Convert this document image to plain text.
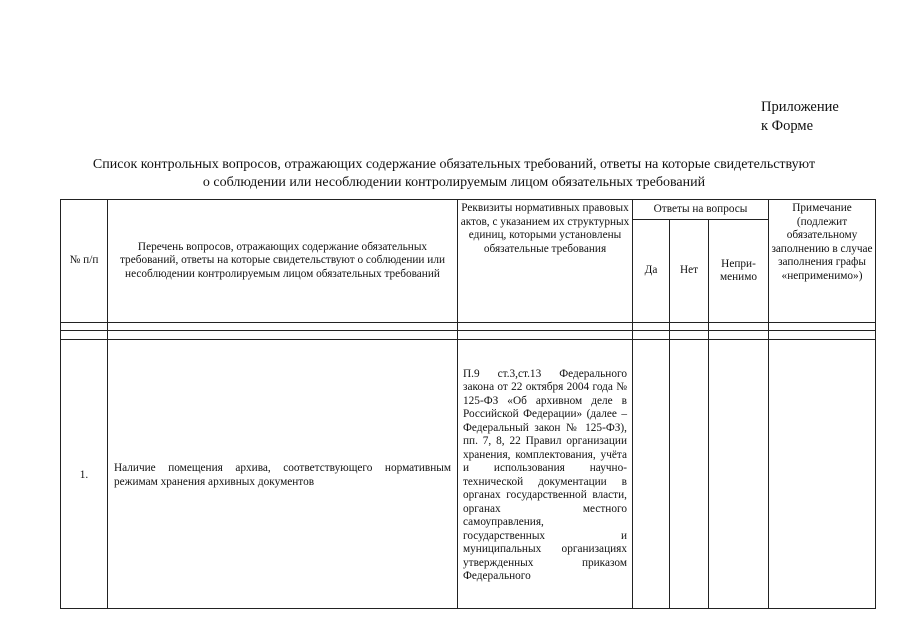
Приложение
к Форме
Список контрольных вопросов, отражающих содержание обязательных требований, ответы на которые свидетельствуют
о соблюдении или несоблюдении контролируемым лицом обязательных требований
№ п/п	Перечень вопросов, отражающих содержание обязательных требований, ответы на которые свидетельствуют о соблюдении или несоблюдении контролируемым лицом обязательных требований	Реквизиты нормативных правовых актов, с указанием их структурных единиц, которыми установлены обязательные требования	Ответы на вопросы			Примечание (подлежит обязательному заполнению в случае заполнения графы «неприменимо»)
			Да	Нет	Непри- менимо	

1.	Наличие помещения архива, соответствующего нормативным режимам хранения архивных документов	П.9 ст.3,ст.13 Федерального закона от 22 октября 2004 года № 125-ФЗ «Об архивном деле в Российской Федерации» (далее – Федеральный закон № 125-ФЗ), пп. 7, 8, 22 Правил организации хранения, комплектования, учёта и использования научно-технической документации в органах государственной власти, органах местного самоуправления, государственных и муниципальных организациях утвержденных приказом Федерального				
